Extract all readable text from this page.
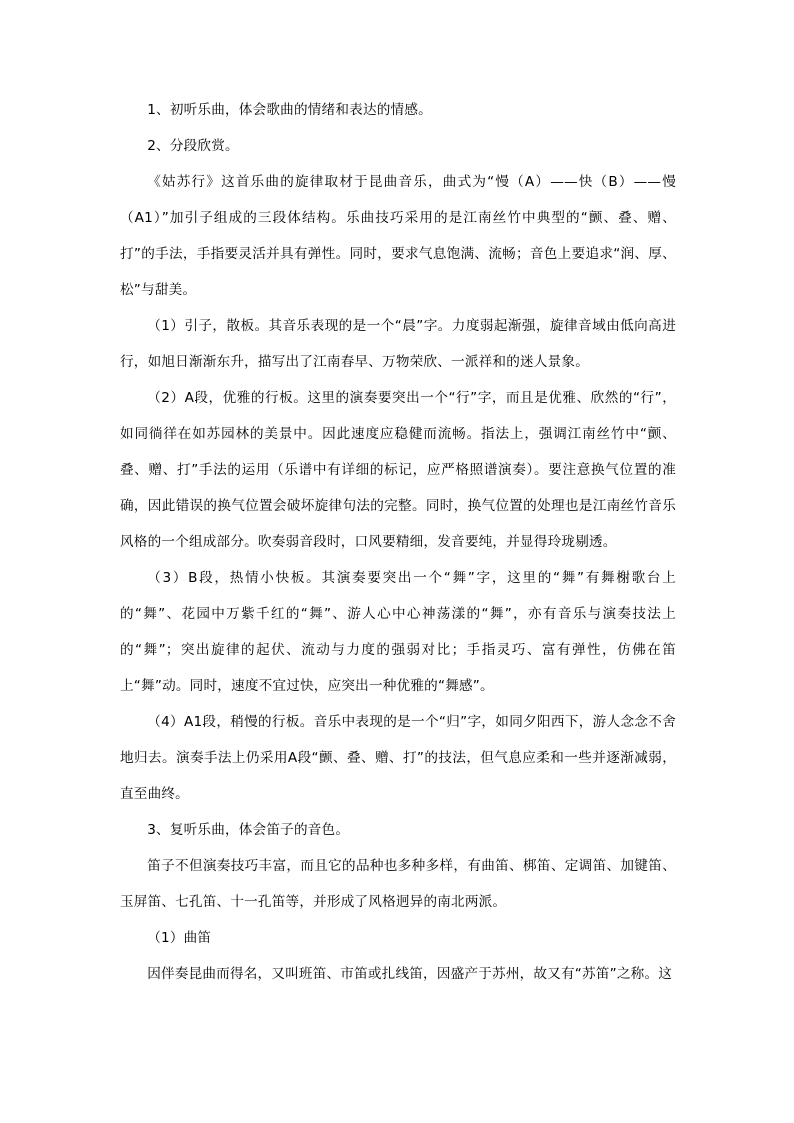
1、初听乐曲，体会歌曲的情绪和表达的情感。

2、分段欣赏。

《姑苏行》这首乐曲的旋律取材于昆曲音乐，曲式为“慢（A）——快（B）——慢（A1）”加引子组成的三段体结构。乐曲技巧采用的是江南丝竹中典型的“颤、叠、赠、打”的手法，手指要灵活并具有弹性。同时，要求气息饱满、流畅；音色上要追求“润、厚、松”与甜美。

（1）引子，散板。其音乐表现的是一个“晨”字。力度弱起渐强，旋律音域由低向高进行，如旭日渐渐东升，描写出了江南春早、万物荣欣、一派祥和的迷人景象。

（2）A段，优雅的行板。这里的演奏要突出一个“行”字，而且是优雅、欣然的“行”，如同徜徉在如苏园林的美景中。因此速度应稳健而流畅。指法上，强调江南丝竹中“颤、叠、赠、打”手法的运用（乐谱中有详细的标记，应严格照谱演奏）。要注意换气位置的准确，因此错误的换气位置会破坏旋律句法的完整。同时，换气位置的处理也是江南丝竹音乐风格的一个组成部分。吹奏弱音段时，口风要精细，发音要纯，并显得玲珑剔透。

（3）B段，热情小快板。其演奏要突出一个“舞”字，这里的“舞”有舞榭歌台上的“舞”、花园中万紫千红的“舞”、游人心中心神荡漾的“舞”，亦有音乐与演奏技法上的“舞”；突出旋律的起伏、流动与力度的强弱对比；手指灵巧、富有弹性，仿佛在笛上“舞”动。同时，速度不宜过快，应突出一种优雅的“舞感”。

（4）A1段，稍慢的行板。音乐中表现的是一个“归”字，如同夕阳西下，游人念念不舍地归去。演奏手法上仍采用A段“颤、叠、赠、打”的技法，但气息应柔和一些并逐渐减弱，直至曲终。

3、复听乐曲，体会笛子的音色。

笛子不但演奏技巧丰富，而且它的品种也多种多样，有曲笛、梆笛、定调笛、加键笛、玉屏笛、七孔笛、十一孔笛等，并形成了风格迥异的南北两派。

（1）曲笛

因伴奏昆曲而得名，又叫班笛、市笛或扎线笛，因盛产于苏州，故又有“苏笛”之称。这
